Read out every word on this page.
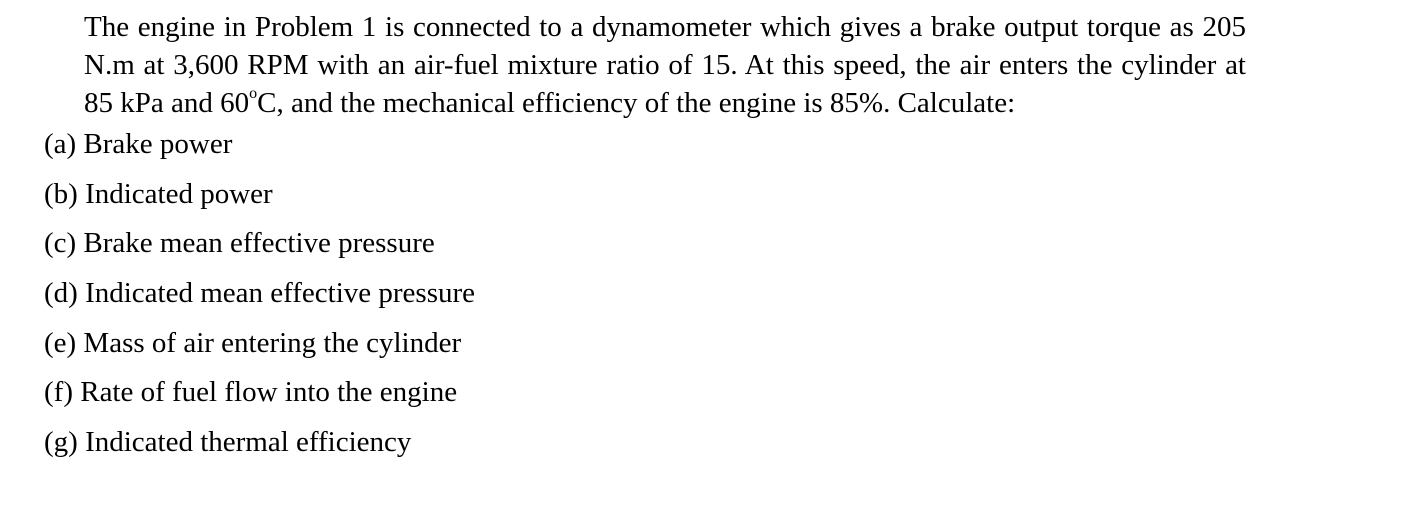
The engine in Problem 1 is connected to a dynamometer which gives a brake output torque as 205 N.m at 3,600 RPM with an air-fuel mixture ratio of 15. At this speed, the air enters the cylinder at 85 kPa and 60$^o$C, and the mechanical efficiency of the engine is 85%. Calculate:

(a) Brake power
(b) Indicated power
(c) Brake mean effective pressure
(d) Indicated mean effective pressure
(e) Mass of air entering the cylinder
(f) Rate of fuel flow into the engine
(g) Indicated thermal efficiency
